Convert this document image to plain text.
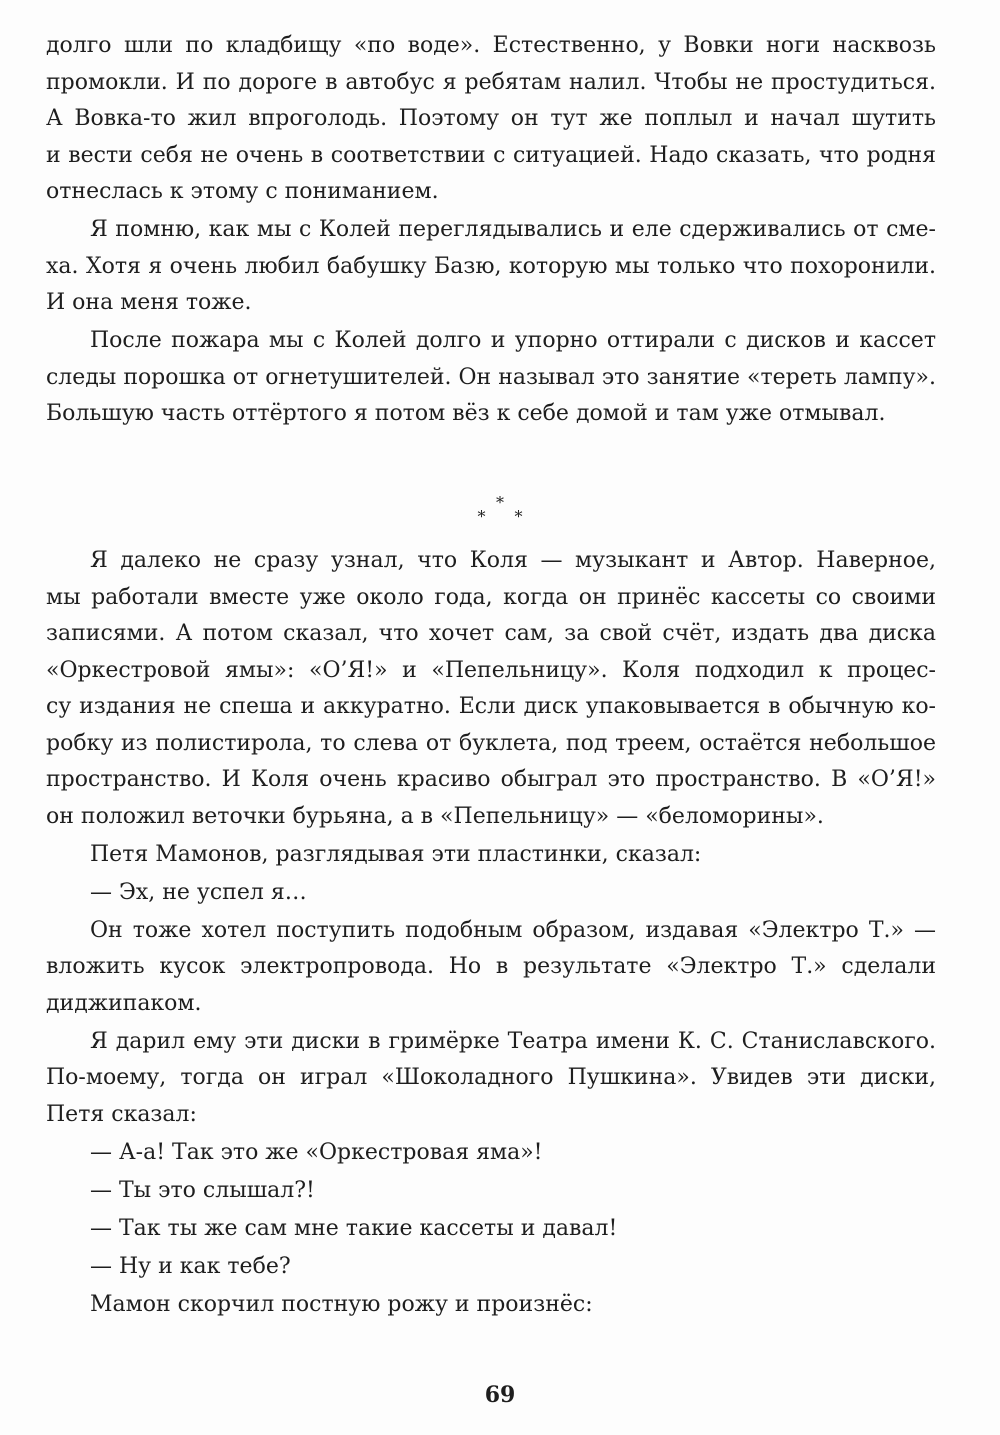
долго шли по кладбищу «по воде». Естественно, у Вовки ноги насквозь
промокли. И по дороге в автобус я ребятам налил. Чтобы не простудиться.
А Вовка-то жил впроголодь. Поэтому он тут же поплыл и начал шутить
и вести себя не очень в соответствии с ситуацией. Надо сказать, что родня
отнеслась к этому с пониманием.

Я помню, как мы с Колей переглядывались и еле сдерживались от сме-
ха. Хотя я очень любил бабушку Базю, которую мы только что похоронили.
И она меня тоже.

После пожара мы с Колей долго и упорно оттирали с дисков и кассет
следы порошка от огнетушителей. Он называл это занятие «тереть лампу».
Большую часть оттёртого я потом вёз к себе домой и там уже отмывал.

*
* *

Я далеко не сразу узнал, что Коля — музыкант и Автор. Наверное,
мы работали вместе уже около года, когда он принёс кассеты со своими
записями. А потом сказал, что хочет сам, за свой счёт, издать два диска
«Оркестровой ямы»: «О’Я!» и «Пепельницу». Коля подходил к процес-
су издания не спеша и аккуратно. Если диск упаковывается в обычную ко-
робку из полистирола, то слева от буклета, под треем, остаётся небольшое
пространство. И Коля очень красиво обыграл это пространство. В «О’Я!»
он положил веточки бурьяна, а в «Пепельницу» — «беломорины».

Петя Мамонов, разглядывая эти пластинки, сказал:

— Эх, не успел я…

Он тоже хотел поступить подобным образом, издавая «Электро Т.» —
вложить кусок электропровода. Но в результате «Электро Т.» сделали
диджипаком.

Я дарил ему эти диски в гримёрке Театра имени К. С. Станиславского.
По-моему, тогда он играл «Шоколадного Пушкина». Увидев эти диски,
Петя сказал:

— А-а! Так это же «Оркестровая яма»!

— Ты это слышал?!

— Так ты же сам мне такие кассеты и давал!

— Ну и как тебе?

Мамон скорчил постную рожу и произнёс:

69
